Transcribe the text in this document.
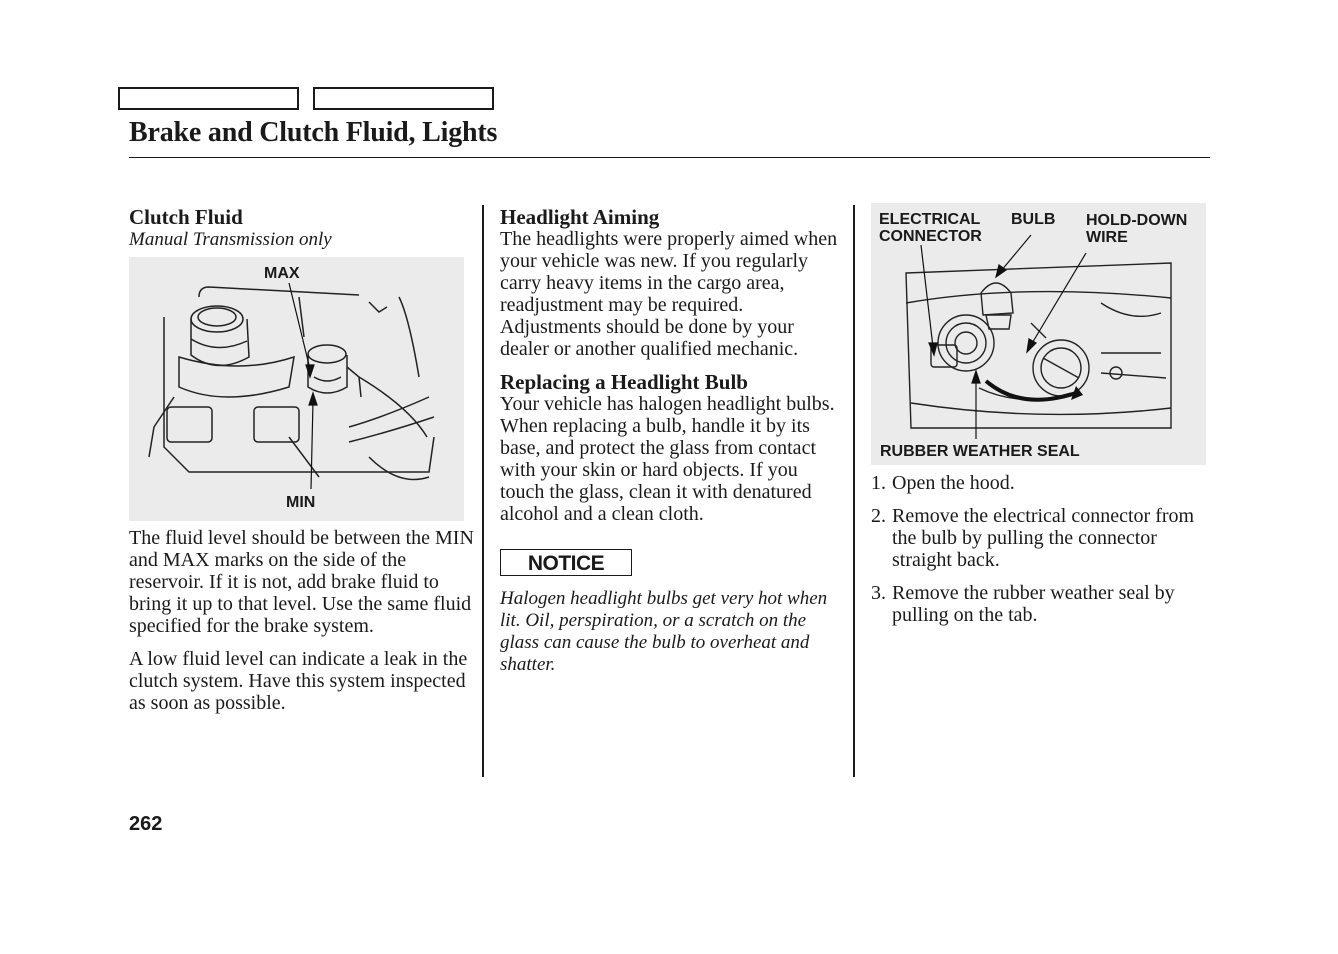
Brake and Clutch Fluid, Lights

Clutch Fluid

Manual Transmission only

MAX
MIN

The fluid level should be between the MIN and MAX marks on the side of the reservoir. If it is not, add brake fluid to bring it up to that level. Use the same fluid specified for the brake system.

A low fluid level can indicate a leak in the clutch system. Have this system inspected as soon as possible.

Headlight Aiming

The headlights were properly aimed when your vehicle was new. If you regularly carry heavy items in the cargo area, readjustment may be required. Adjustments should be done by your dealer or another qualified mechanic.

Replacing a Headlight Bulb

Your vehicle has halogen headlight bulbs. When replacing a bulb, handle it by its base, and protect the glass from contact with your skin or hard objects. If you touch the glass, clean it with denatured alcohol and a clean cloth.

NOTICE

Halogen headlight bulbs get very hot when lit. Oil, perspiration, or a scratch on the glass can cause the bulb to overheat and shatter.

ELECTRICAL
CONNECTOR
BULB HOLD-DOWN
WIRE
RUBBER WEATHER SEAL
1. Open the hood.
2. Remove the electrical connector from the bulb by pulling the connector straight back.
3. Remove the rubber weather seal by pulling on the tab.
262
